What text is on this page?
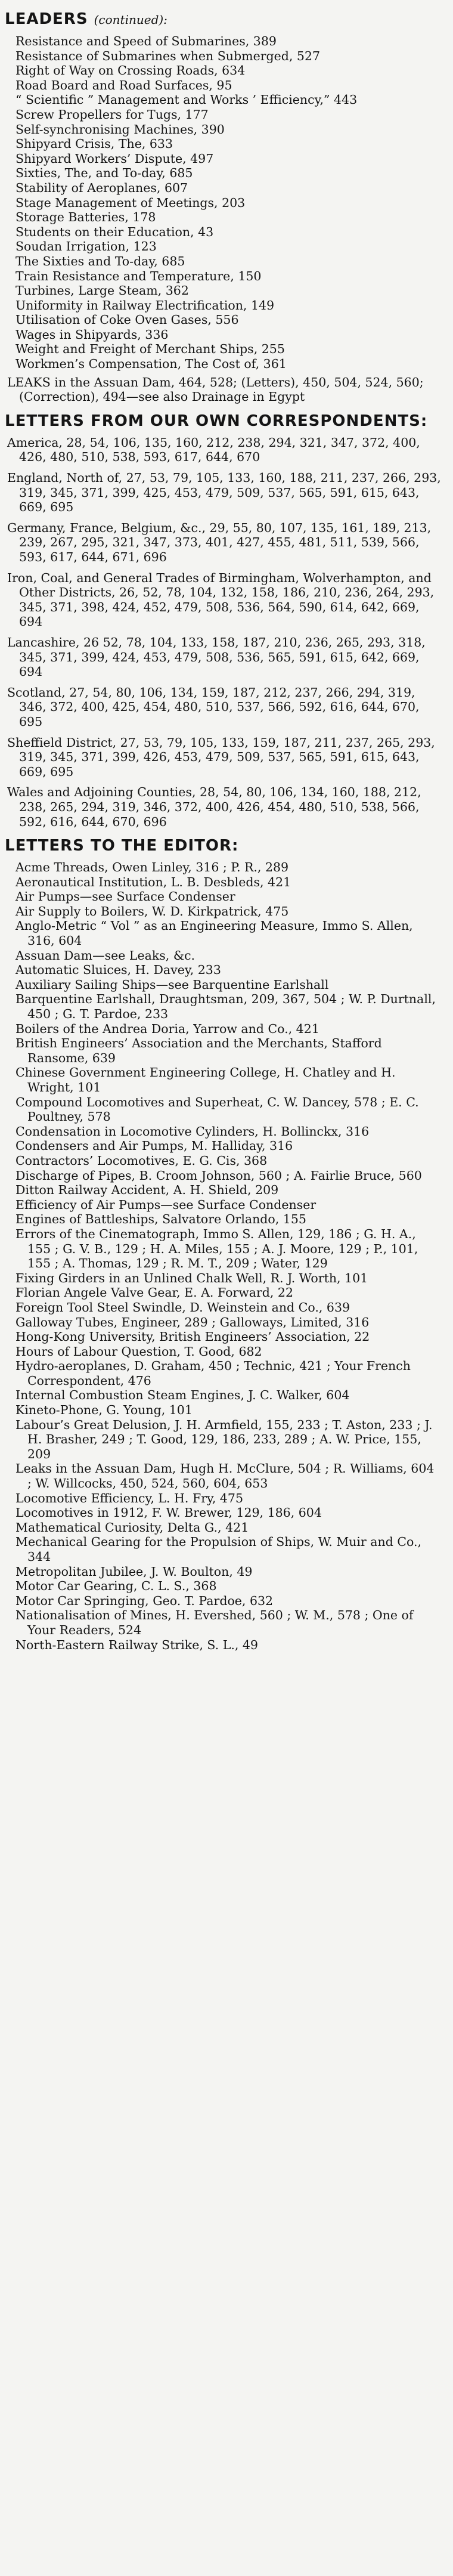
LEADERS (continued):

Resistance and Speed of Submarines, 389

Resistance of Submarines when Submerged, 527

Right of Way on Crossing Roads, 634

Road Board and Road Surfaces, 95

“ Scientific ” Management and Works ’ Efficiency,” 443

Screw Propellers for Tugs, 177

Self-synchronising Machines, 390

Shipyard Crisis, The, 633

Shipyard Workers’ Dispute, 497

Sixties, The, and To-day, 685

Stability of Aeroplanes, 607

Stage Management of Meetings, 203

Storage Batteries, 178

Students on their Education, 43

Soudan Irrigation, 123

The Sixties and To-day, 685

Train Resistance and Temperature, 150

Turbines, Large Steam, 362

Uniformity in Railway Electrification, 149

Utilisation of Coke Oven Gases, 556

Wages in Shipyards, 336

Weight and Freight of Merchant Ships, 255

Workmen’s Compensation, The Cost of, 361

LEAKS in the Assuan Dam, 464, 528; (Letters), 450, 504, 524, 560; (Correction), 494—see also Drainage in Egypt

LETTERS FROM OUR OWN CORRESPONDENTS:

America, 28, 54, 106, 135, 160, 212, 238, 294, 321, 347, 372, 400, 426, 480, 510, 538, 593, 617, 644, 670

England, North of, 27, 53, 79, 105, 133, 160, 188, 211, 237, 266, 293, 319, 345, 371, 399, 425, 453, 479, 509, 537, 565, 591, 615, 643, 669, 695

Germany, France, Belgium, &c., 29, 55, 80, 107, 135, 161, 189, 213, 239, 267, 295, 321, 347, 373, 401, 427, 455, 481, 511, 539, 566, 593, 617, 644, 671, 696

Iron, Coal, and General Trades of Birmingham, Wolverhampton, and Other Districts, 26, 52, 78, 104, 132, 158, 186, 210, 236, 264, 293, 345, 371, 398, 424, 452, 479, 508, 536, 564, 590, 614, 642, 669, 694

Lancashire, 26 52, 78, 104, 133, 158, 187, 210, 236, 265, 293, 318, 345, 371, 399, 424, 453, 479, 508, 536, 565, 591, 615, 642, 669, 694

Scotland, 27, 54, 80, 106, 134, 159, 187, 212, 237, 266, 294, 319, 346, 372, 400, 425, 454, 480, 510, 537, 566, 592, 616, 644, 670, 695

Sheffield District, 27, 53, 79, 105, 133, 159, 187, 211, 237, 265, 293, 319, 345, 371, 399, 426, 453, 479, 509, 537, 565, 591, 615, 643, 669, 695

Wales and Adjoining Counties, 28, 54, 80, 106, 134, 160, 188, 212, 238, 265, 294, 319, 346, 372, 400, 426, 454, 480, 510, 538, 566, 592, 616, 644, 670, 696

LETTERS TO THE EDITOR:

Acme Threads, Owen Linley, 316 ; P. R., 289

Aeronautical Institution, L. B. Desbleds, 421

Air Pumps—see Surface Condenser

Air Supply to Boilers, W. D. Kirkpatrick, 475

Anglo-Metric “ Vol ” as an Engineering Measure, Immo S. Allen, 316, 604

Assuan Dam—see Leaks, &c.

Automatic Sluices, H. Davey, 233

Auxiliary Sailing Ships—see Barquentine Earlshall

Barquentine Earlshall, Draughtsman, 209, 367, 504 ; W. P. Durtnall, 450 ; G. T. Pardoe, 233

Boilers of the Andrea Doria, Yarrow and Co., 421

British Engineers’ Association and the Merchants, Stafford Ransome, 639

Chinese Government Engineering College, H. Chatley and H. Wright, 101

Compound Locomotives and Superheat, C. W. Dancey, 578 ; E. C. Poultney, 578

Condensation in Locomotive Cylinders, H. Bollinckx, 316

Condensers and Air Pumps, M. Halliday, 316

Contractors’ Locomotives, E. G. Cis, 368

Discharge of Pipes, B. Croom Johnson, 560 ; A. Fairlie Bruce, 560

Ditton Railway Accident, A. H. Shield, 209

Efficiency of Air Pumps—see Surface Condenser

Engines of Battleships, Salvatore Orlando, 155

Errors of the Cinematograph, Immo S. Allen, 129, 186 ; G. H. A., 155 ; G. V. B., 129 ; H. A. Miles, 155 ; A. J. Moore, 129 ; P., 101, 155 ; A. Thomas, 129 ; R. M. T., 209 ; Water, 129

Fixing Girders in an Unlined Chalk Well, R. J. Worth, 101

Florian Angele Valve Gear, E. A. Forward, 22

Foreign Tool Steel Swindle, D. Weinstein and Co., 639

Galloway Tubes, Engineer, 289 ; Galloways, Limited, 316

Hong-Kong University, British Engineers’ Association, 22

Hours of Labour Question, T. Good, 682

Hydro-aeroplanes, D. Graham, 450 ; Technic, 421 ; Your French Correspondent, 476

Internal Combustion Steam Engines, J. C. Walker, 604

Kineto-Phone, G. Young, 101

Labour’s Great Delusion, J. H. Armfield, 155, 233 ; T. Aston, 233 ; J. H. Brasher, 249 ; T. Good, 129, 186, 233, 289 ; A. W. Price, 155, 209

Leaks in the Assuan Dam, Hugh H. McClure, 504 ; R. Williams, 604 ; W. Willcocks, 450, 524, 560, 604, 653

Locomotive Efficiency, L. H. Fry, 475

Locomotives in 1912, F. W. Brewer, 129, 186, 604

Mathematical Curiosity, Delta G., 421

Mechanical Gearing for the Propulsion of Ships, W. Muir and Co., 344

Metropolitan Jubilee, J. W. Boulton, 49

Motor Car Gearing, C. L. S., 368

Motor Car Springing, Geo. T. Pardoe, 632

Nationalisation of Mines, H. Evershed, 560 ; W. M., 578 ; One of Your Readers, 524

North-Eastern Railway Strike, S. L., 49
